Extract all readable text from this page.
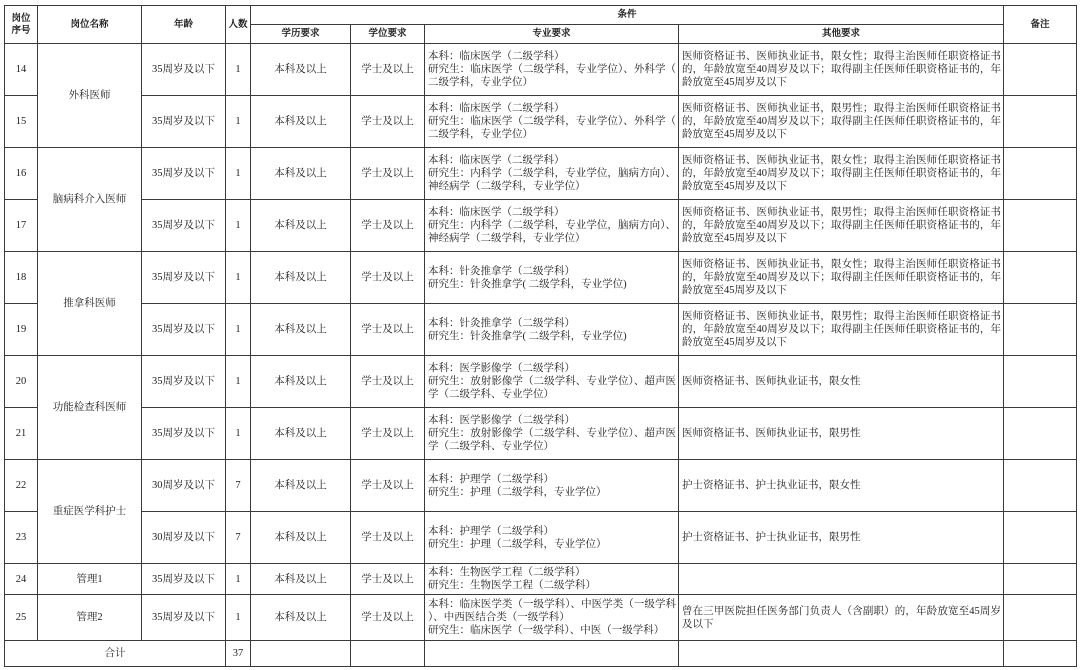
岗位序号	岗位名称	年龄	人数	条件				备注
				学历要求	学位要求	专业要求	其他要求	
14	外科医师	35周岁及以下	1	本科及以上	学士及以上	本科：临床医学（二级学科）
研究生：临床医学（二级学科，专业学位）、外科学（二级学科，专业学位）	医师资格证书、医师执业证书，限女性；取得主治医师任职资格证书的，年龄放宽至40周岁及以下；取得副主任医师任职资格证书的，年龄放宽至45周岁及以下	
15		35周岁及以下	1	本科及以上	学士及以上	本科：临床医学（二级学科）
研究生：临床医学（二级学科，专业学位）、外科学（二级学科，专业学位）	医师资格证书、医师执业证书，限男性；取得主治医师任职资格证书的，年龄放宽至40周岁及以下；取得副主任医师任职资格证书的，年龄放宽至45周岁及以下	
16	脑病科介入医师	35周岁及以下	1	本科及以上	学士及以上	本科：临床医学（二级学科）
研究生：内科学（二级学科，专业学位，脑病方向）、神经病学（二级学科，专业学位）	医师资格证书、医师执业证书，限女性；取得主治医师任职资格证书的，年龄放宽至40周岁及以下；取得副主任医师任职资格证书的，年龄放宽至45周岁及以下	
17		35周岁及以下	1	本科及以上	学士及以上	本科：临床医学（二级学科）
研究生：内科学（二级学科，专业学位，脑病方向）、神经病学（二级学科，专业学位）	医师资格证书、医师执业证书，限男性；取得主治医师任职资格证书的，年龄放宽至40周岁及以下；取得副主任医师任职资格证书的，年龄放宽至45周岁及以下	
18	推拿科医师	35周岁及以下	1	本科及以上	学士及以上	本科：针灸推拿学（二级学科）
研究生：针灸推拿学( 二级学科，专业学位)	医师资格证书、医师执业证书，限女性；取得主治医师任职资格证书的，年龄放宽至40周岁及以下；取得副主任医师任职资格证书的，年龄放宽至45周岁及以下	
19		35周岁及以下	1	本科及以上	学士及以上	本科：针灸推拿学（二级学科）
研究生：针灸推拿学( 二级学科，专业学位)	医师资格证书、医师执业证书，限男性；取得主治医师任职资格证书的，年龄放宽至40周岁及以下；取得副主任医师任职资格证书的，年龄放宽至45周岁及以下	
20	功能检查科医师	35周岁及以下	1	本科及以上	学士及以上	本科：医学影像学（二级学科）
研究生：放射影像学（二级学科、专业学位）、超声医学（二级学科、专业学位）	医师资格证书、医师执业证书，限女性	
21		35周岁及以下	1	本科及以上	学士及以上	本科：医学影像学（二级学科）
研究生：放射影像学（二级学科、专业学位）、超声医学（二级学科、专业学位）	医师资格证书、医师执业证书，限男性	
22	重症医学科护士	30周岁及以下	7	本科及以上	学士及以上	本科：护理学（二级学科）
研究生：护理（二级学科，专业学位）	护士资格证书、护士执业证书，限女性	
23		30周岁及以下	7	本科及以上	学士及以上	本科：护理学（二级学科）
研究生：护理（二级学科，专业学位）	护士资格证书、护士执业证书，限男性	
24	管理1	35周岁及以下	1	本科及以上	学士及以上	本科：生物医学工程（二级学科）
研究生：生物医学工程（二级学科）		
25	管理2	35周岁及以下	1	本科及以上	学士及以上	本科：临床医学类（一级学科）、中医学类（一级学科）、中西医结合类（一级学科）
研究生：临床医学（一级学科）、中医（一级学科）	曾在三甲医院担任医务部门负责人（含副职）的，年龄放宽至45周岁及以下	
合计			37					
